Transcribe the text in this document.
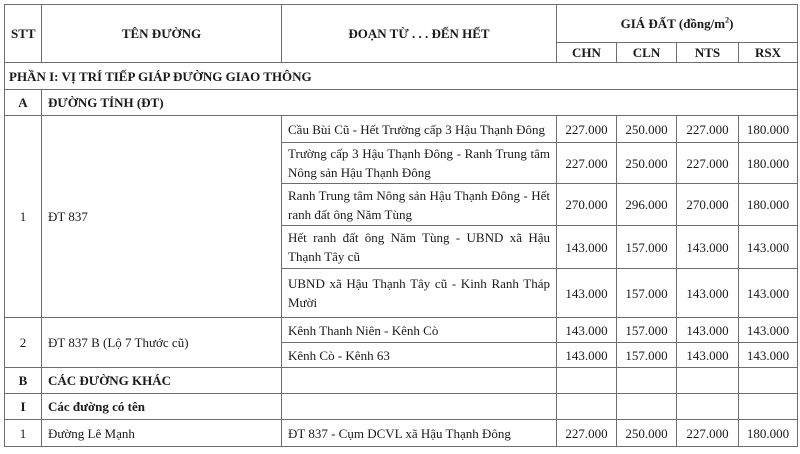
STT	TÊN ĐƯỜNG	ĐOẠN TỪ . . . ĐẾN HẾT	GIÁ ĐẤT $(đồng/m^2)$			
			CHN	CLN	NTS	RSX
PHẦN I: VỊ TRÍ TIẾP GIÁP ĐƯỜNG GIAO THÔNG						
A	ĐƯỜNG TỈNH (ĐT)					
1	ĐT 837	Cầu Bùi Cũ - Hết Trường cấp 3 Hậu Thạnh Đông	227.000	250.000	227.000	180.000
		Trường cấp 3 Hậu Thạnh Đông - Ranh Trung tâm Nông sản Hậu Thạnh Đông	227.000	250.000	227.000	180.000
		Ranh Trung tâm Nông sản Hậu Thạnh Đông - Hết ranh đất ông Năm Tùng	270.000	296.000	270.000	180.000
		Hết ranh đất ông Năm Tùng - UBND xã Hậu Thạnh Tây cũ	143.000	157.000	143.000	143.000
		UBND xã Hậu Thạnh Tây cũ - Kinh Ranh Tháp Mười	143.000	157.000	143.000	143.000
2	ĐT 837 B (Lộ 7 Thước cũ)	Kênh Thanh Niên - Kênh Cò	143.000	157.000	143.000	143.000
		Kênh Cò - Kênh 63	143.000	157.000	143.000	143.000
B	CÁC ĐƯỜNG KHÁC					
I	Các đường có tên					
1	Đường Lê Mạnh	ĐT 837 - Cụm DCVL xã Hậu Thạnh Đông	227.000	250.000	227.000	180.000
